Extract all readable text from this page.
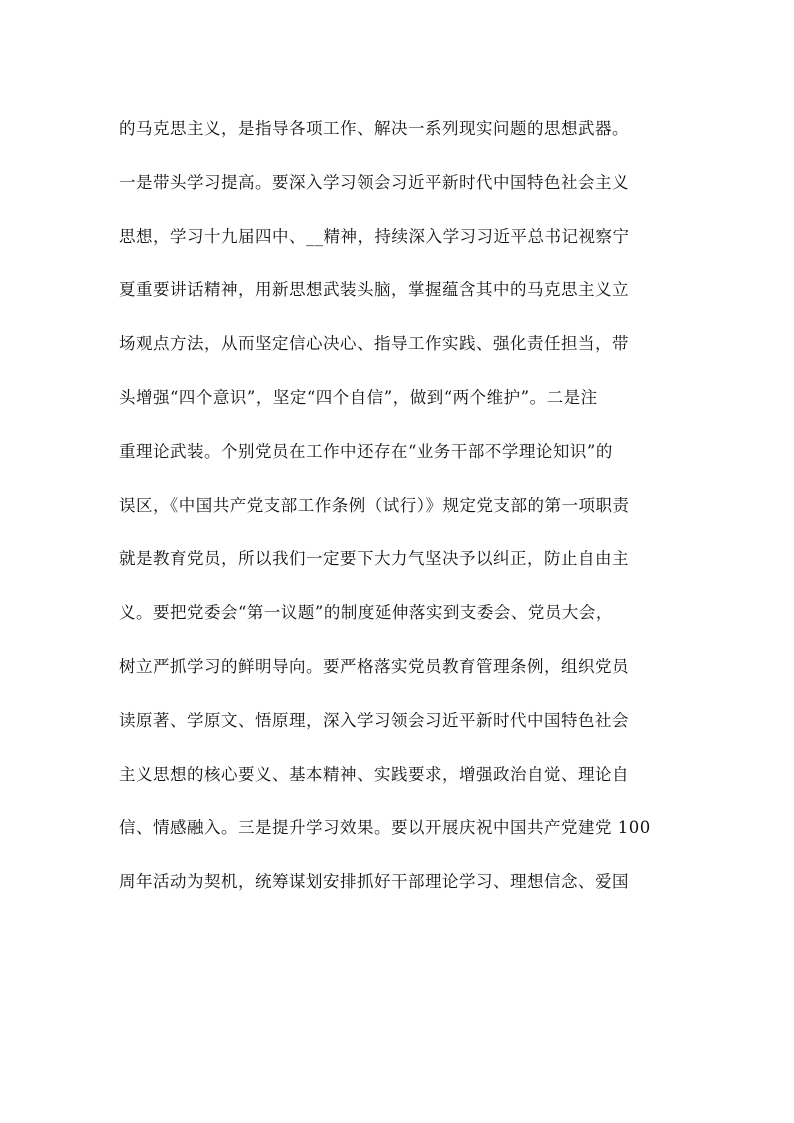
的马克思主义，是指导各项工作、解决一系列现实问题的思想武器。
一是带头学习提高。要深入学习领会习近平新时代中国特色社会主义
思想，学习十九届四中、__精神，持续深入学习习近平总书记视察宁
夏重要讲话精神，用新思想武装头脑，掌握蕴含其中的马克思主义立
场观点方法，从而坚定信心决心、指导工作实践、强化责任担当，带
头增强“四个意识”，坚定“四个自信”，做到“两个维护”。二是注
重理论武装。个别党员在工作中还存在“业务干部不学理论知识”的
误区，《中国共产党支部工作条例（试行）》规定党支部的第一项职责
就是教育党员，所以我们一定要下大力气坚决予以纠正，防止自由主
义。要把党委会“第一议题”的制度延伸落实到支委会、党员大会，
树立严抓学习的鲜明导向。要严格落实党员教育管理条例，组织党员
读原著、学原文、悟原理，深入学习领会习近平新时代中国特色社会
主义思想的核心要义、基本精神、实践要求，增强政治自觉、理论自
信、情感融入。三是提升学习效果。要以开展庆祝中国共产党建党 100
周年活动为契机，统筹谋划安排抓好干部理论学习、理想信念、爱国
